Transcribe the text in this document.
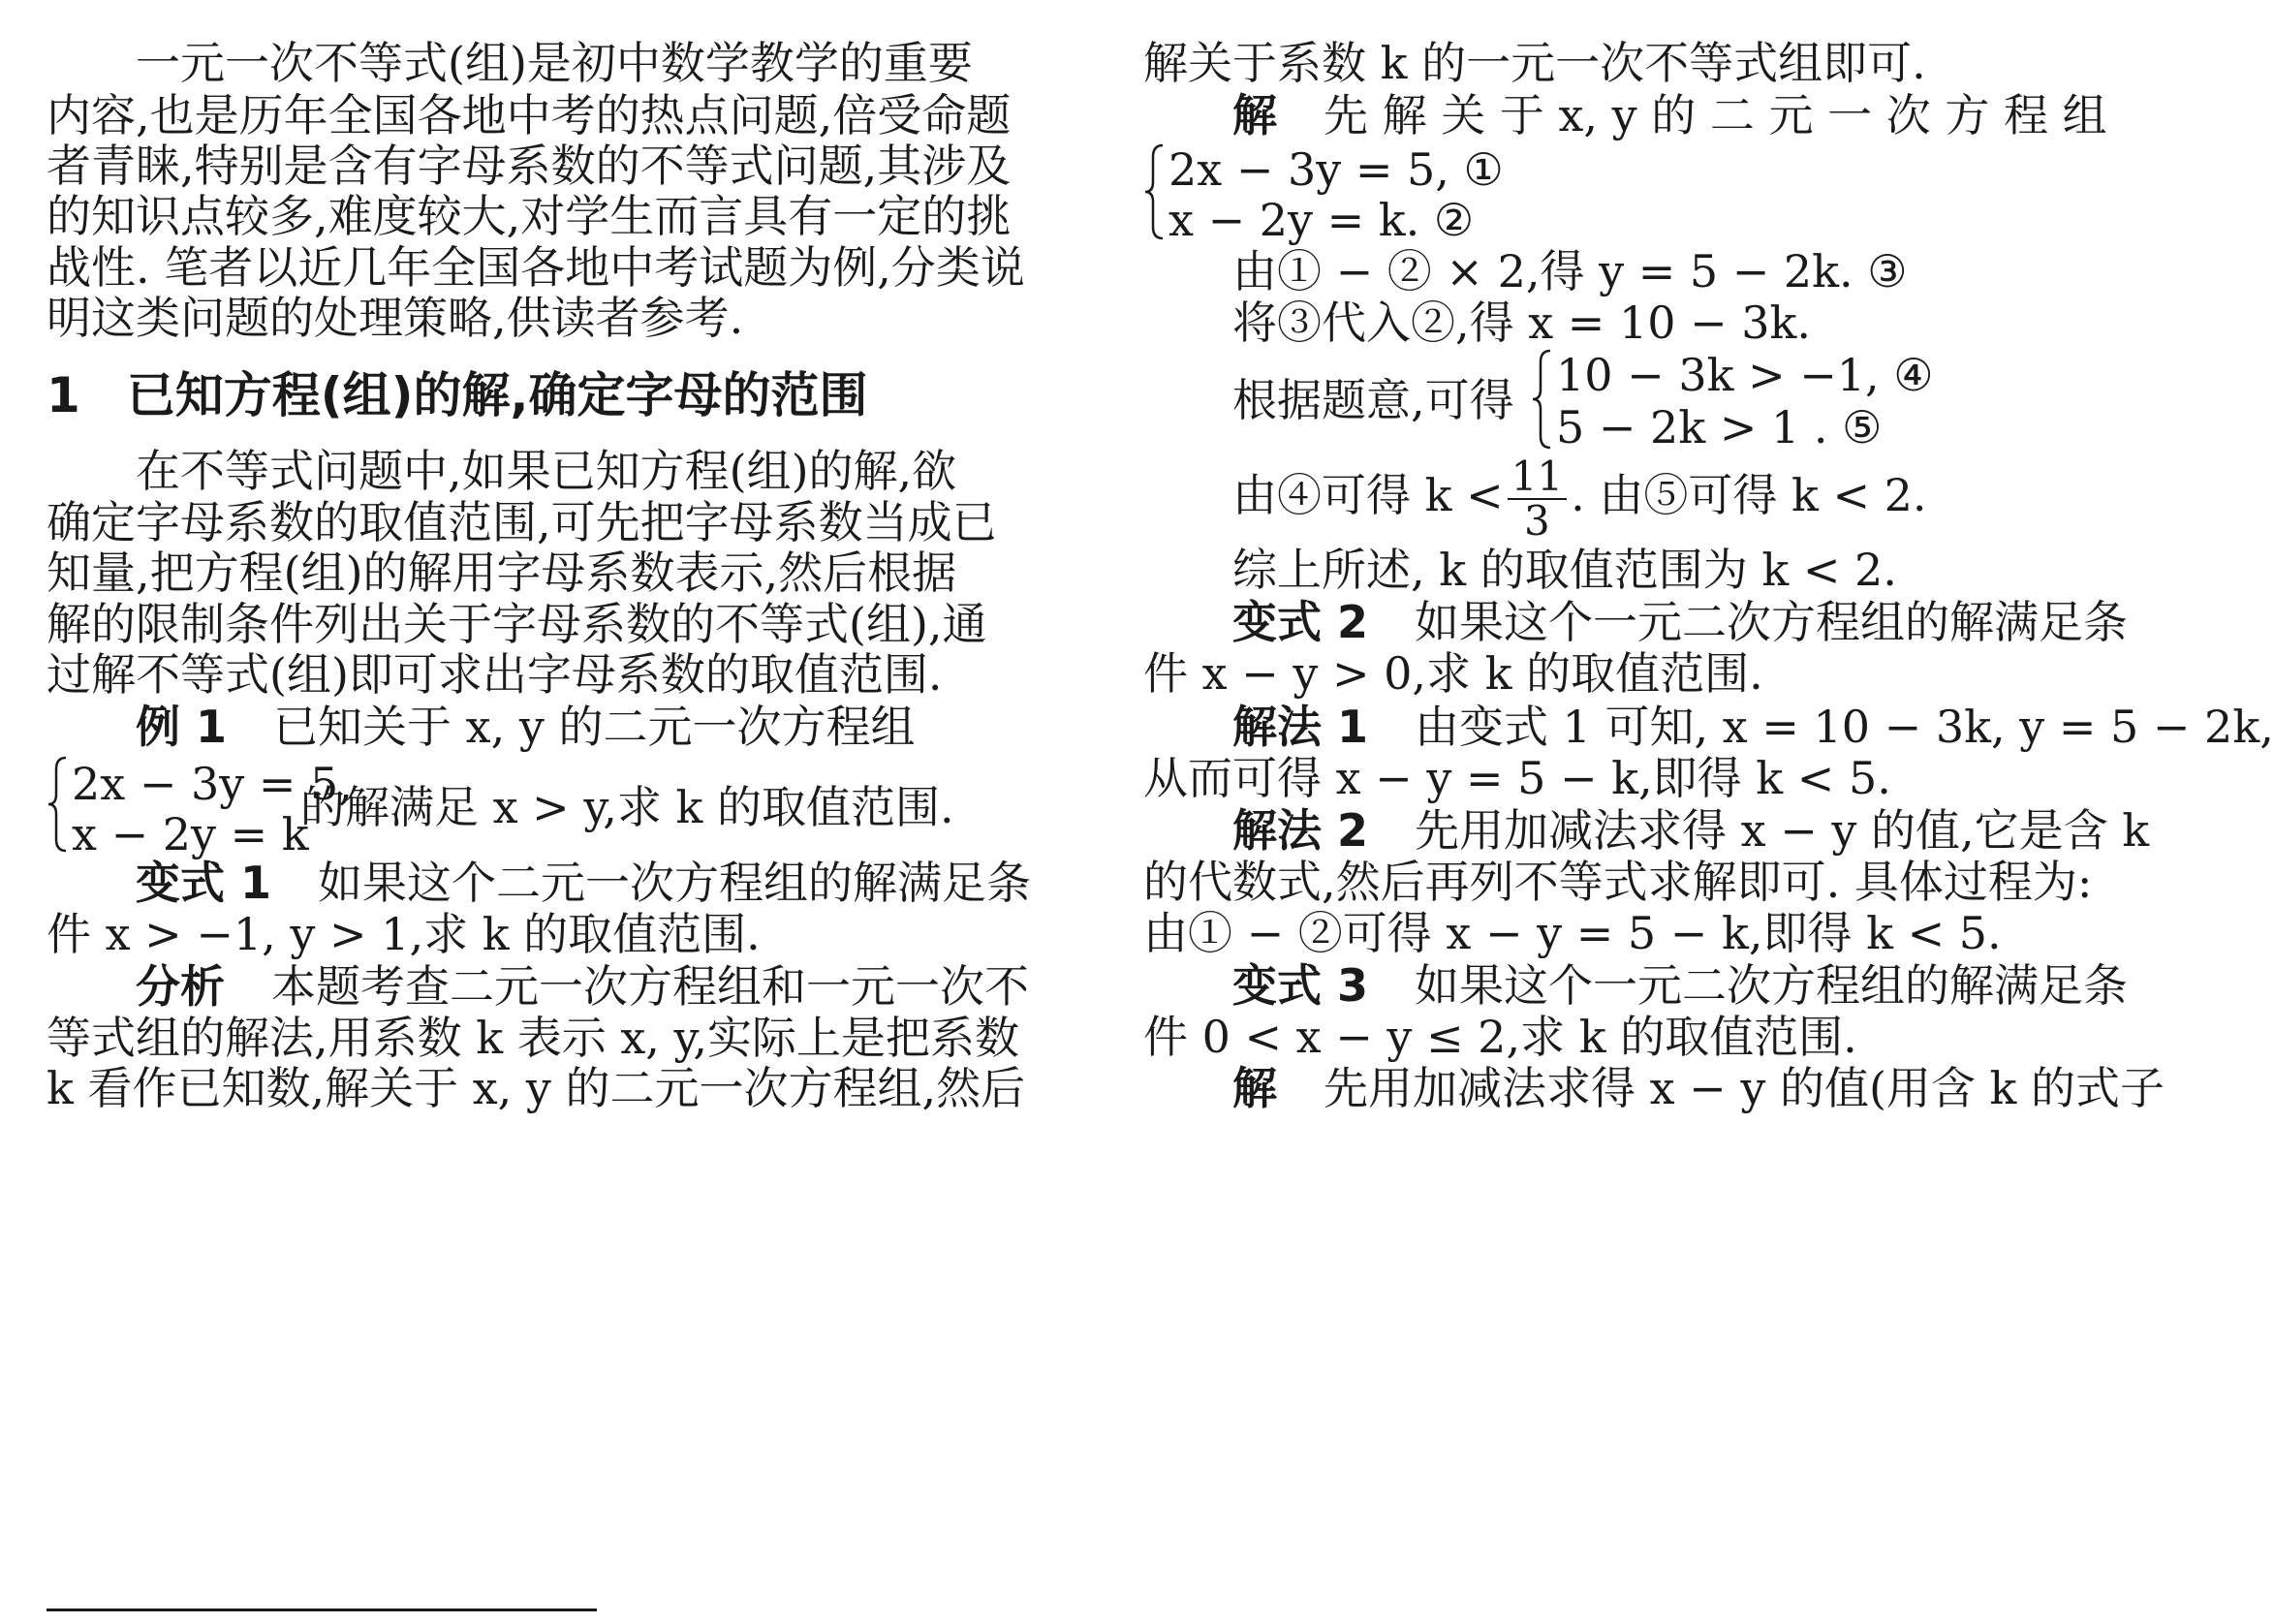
一元一次不等式(组)是初中数学教学的重要
内容,也是历年全国各地中考的热点问题,倍受命题
者青睐,特别是含有字母系数的不等式问题,其涉及
的知识点较多,难度较大,对学生而言具有一定的挑
战性. 笔者以近几年全国各地中考试题为例,分类说
明这类问题的处理策略,供读者参考.
1 已知方程(组)的解,确定字母的范围
在不等式问题中,如果已知方程(组)的解,欲
确定字母系数的取值范围,可先把字母系数当成已
知量,把方程(组)的解用字母系数表示,然后根据
解的限制条件列出关于字母系数的不等式(组),通
过解不等式(组)即可求出字母系数的取值范围.
例 1 已知关于 x, y 的二元一次方程组
2x − 3y = 5,
x − 2y = k
的解满足 x > y,求 k 的取值范围.
变式 1 如果这个二元一次方程组的解满足条
件 x > −1, y > 1,求 k 的取值范围.
分析 本题考查二元一次方程组和一元一次不
等式组的解法,用系数 k 表示 x, y,实际上是把系数
k 看作已知数,解关于 x, y 的二元一次方程组,然后
解关于系数 k 的一元一次不等式组即可.
解 先 解 关 于 x, y 的 二 元 一 次 方 程 组
2x − 3y = 5, ①
x − 2y = k. ②
由① − ② × 2,得 y = 5 − 2k. ③
将③代入②,得 x = 10 − 3k.
根据题意,可得 10 − 3k > −1, ④
5 − 2k > 1 . ⑤
由④可得 $k < \frac{11}{3}$ . 由⑤可得 k < 2.
综上所述, k 的取值范围为 k < 2.
变式 2 如果这个一元二次方程组的解满足条
件 x − y > 0,求 k 的取值范围.
解法 1 由变式 1 可知, x = 10 − 3k, y = 5 − 2k,
从而可得 x − y = 5 − k,即得 k < 5.
解法 2 先用加减法求得 x − y 的值,它是含 k
的代数式,然后再列不等式求解即可. 具体过程为:
由① − ②可得 x − y = 5 − k,即得 k < 5.
变式 3 如果这个一元二次方程组的解满足条
件 0 < x − y ≤ 2,求 k 的取值范围.
解 先用加减法求得 x − y 的值(用含 k 的式子
